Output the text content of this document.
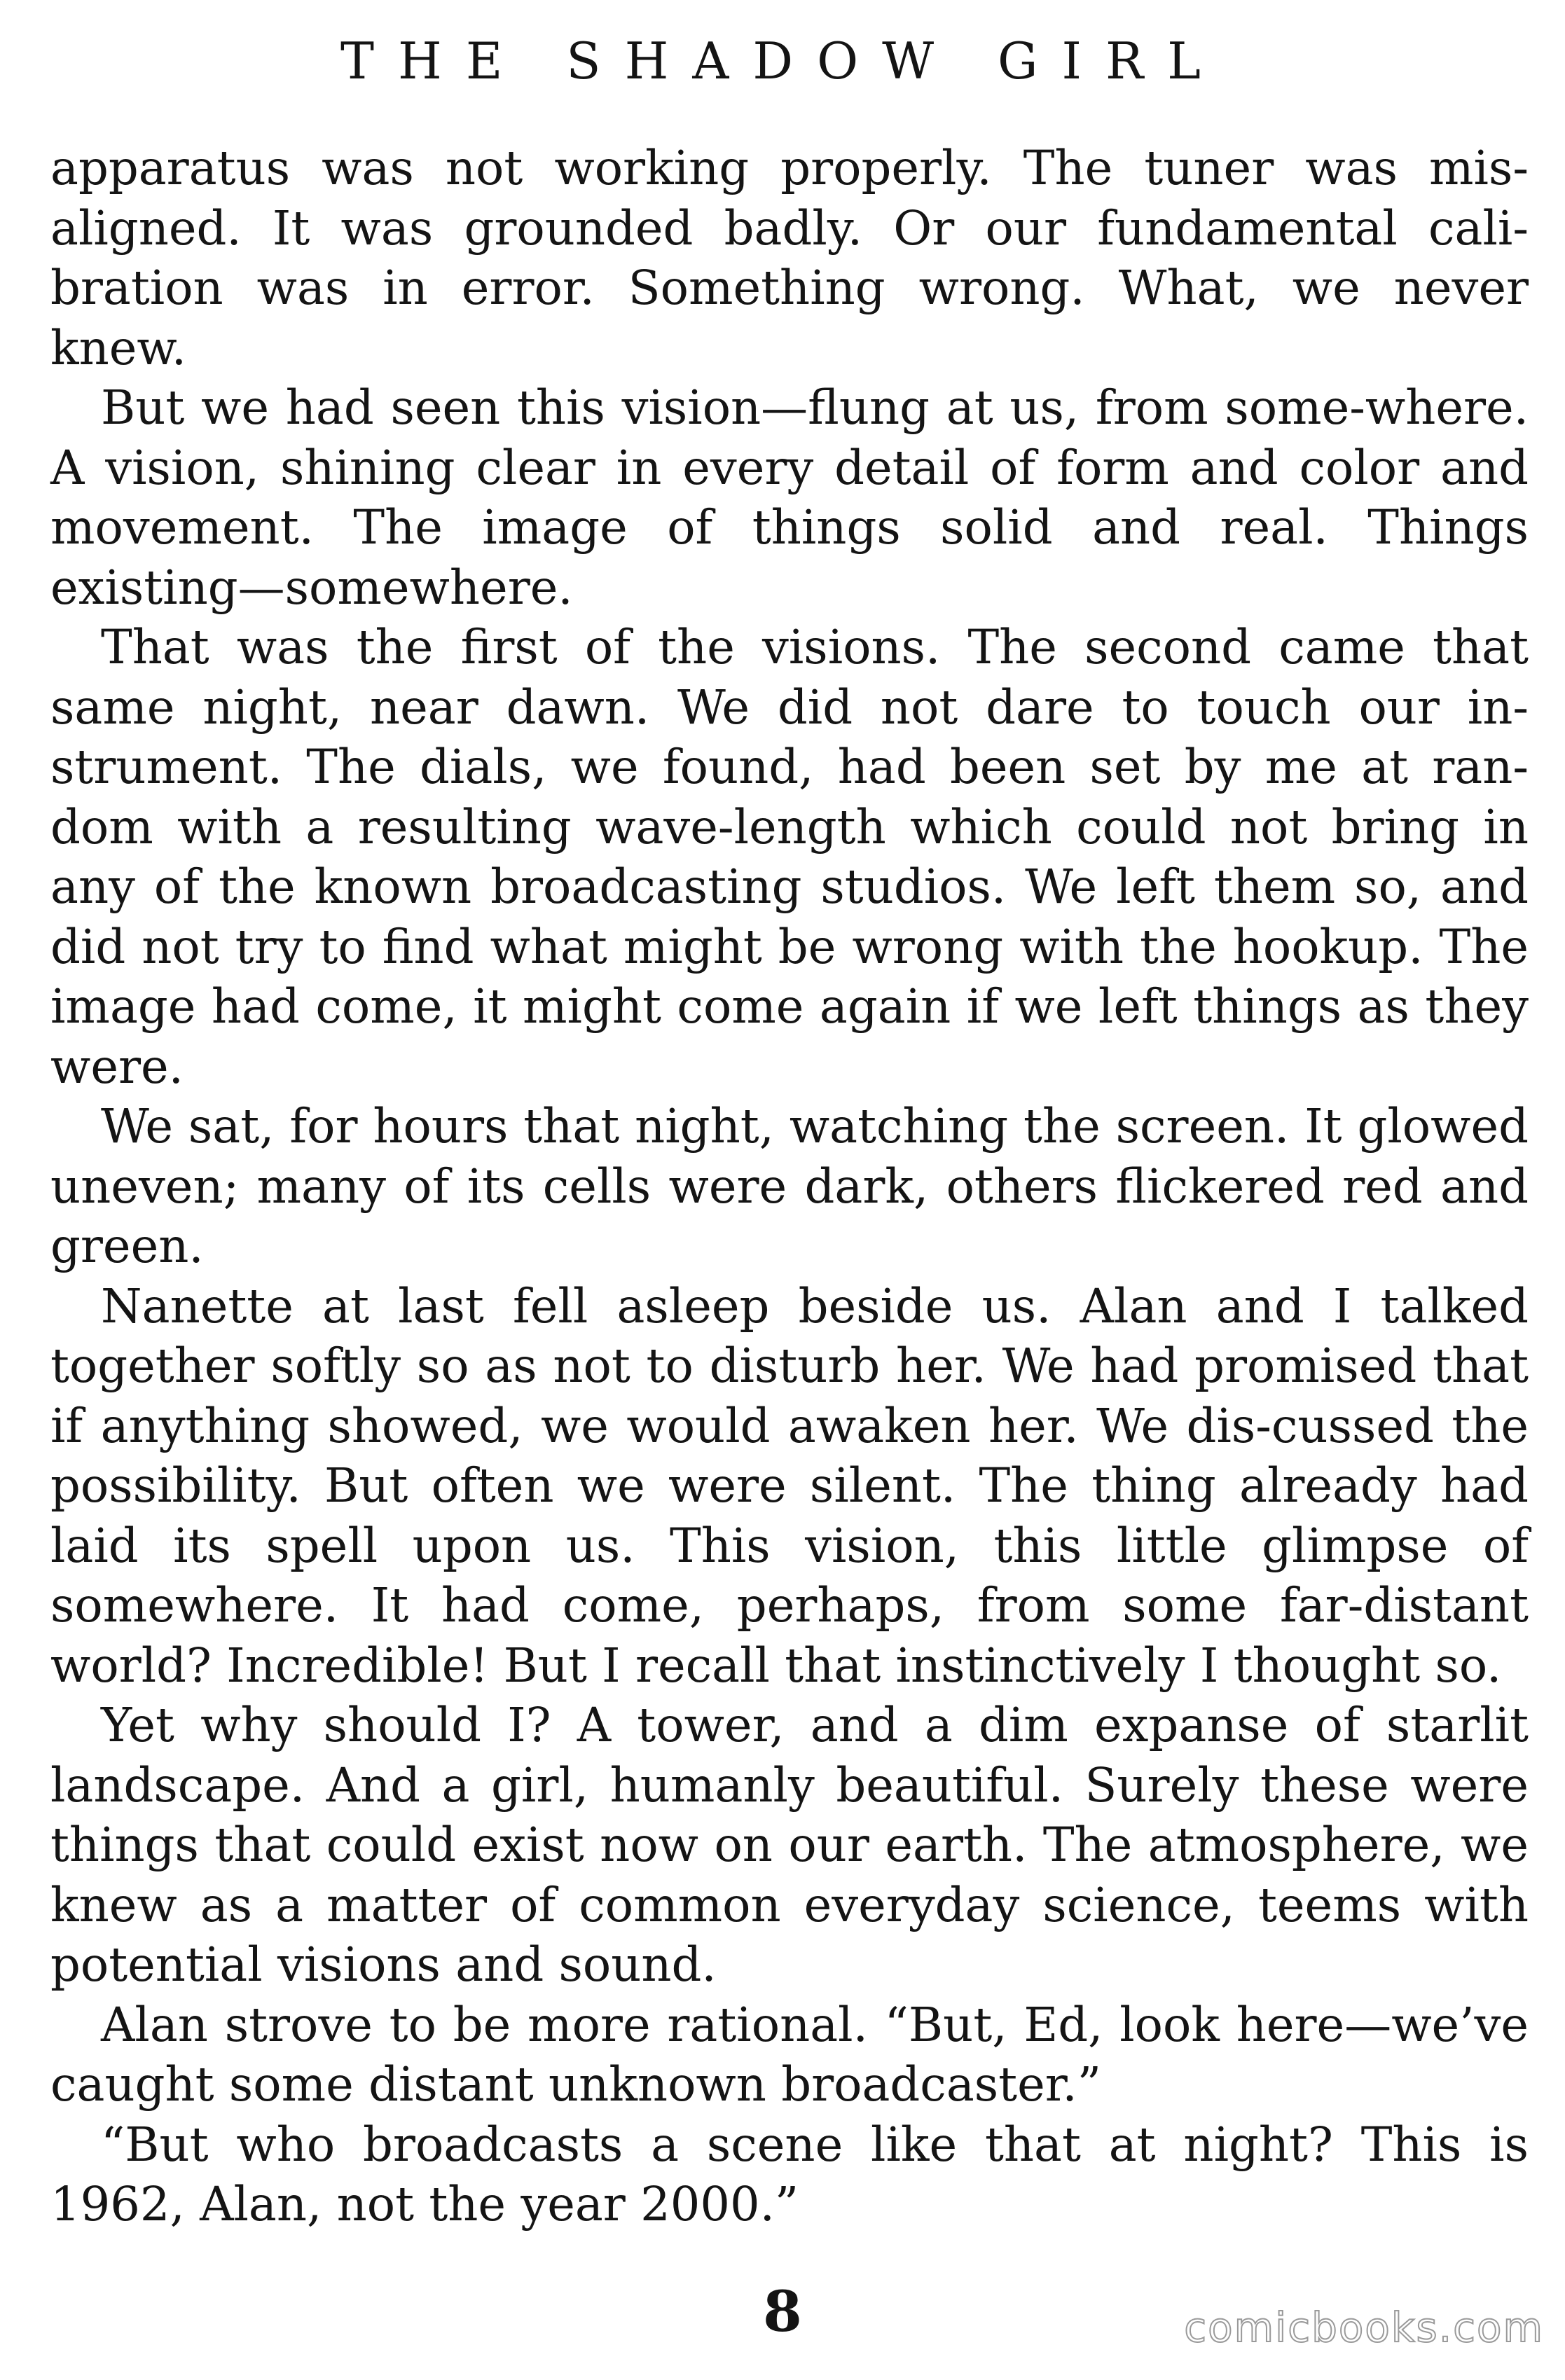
THE SHADOW GIRL

apparatus was not working properly. The tuner was mis-aligned. It was grounded badly. Or our fundamental cali-bration was in error. Something wrong. What, we never knew.

But we had seen this vision—flung at us, from some-where. A vision, shining clear in every detail of form and color and movement. The image of things solid and real. Things existing—somewhere.

That was the first of the visions. The second came that same night, near dawn. We did not dare to touch our in-strument. The dials, we found, had been set by me at ran-dom with a resulting wave-length which could not bring in any of the known broadcasting studios. We left them so, and did not try to find what might be wrong with the hookup. The image had come, it might come again if we left things as they were.

We sat, for hours that night, watching the screen. It glowed uneven; many of its cells were dark, others flickered red and green.

Nanette at last fell asleep beside us. Alan and I talked together softly so as not to disturb her. We had promised that if anything showed, we would awaken her. We dis-cussed the possibility. But often we were silent. The thing already had laid its spell upon us. This vision, this little glimpse of somewhere. It had come, perhaps, from some far-distant world? Incredible! But I recall that instinctively I thought so.

Yet why should I? A tower, and a dim expanse of starlit landscape. And a girl, humanly beautiful. Surely these were things that could exist now on our earth. The atmosphere, we knew as a matter of common everyday science, teems with potential visions and sound.

Alan strove to be more rational. “But, Ed, look here—we’ve caught some distant unknown broadcaster.”

“But who broadcasts a scene like that at night? This is 1962, Alan, not the year 2000.”

8	comicbooks.com
